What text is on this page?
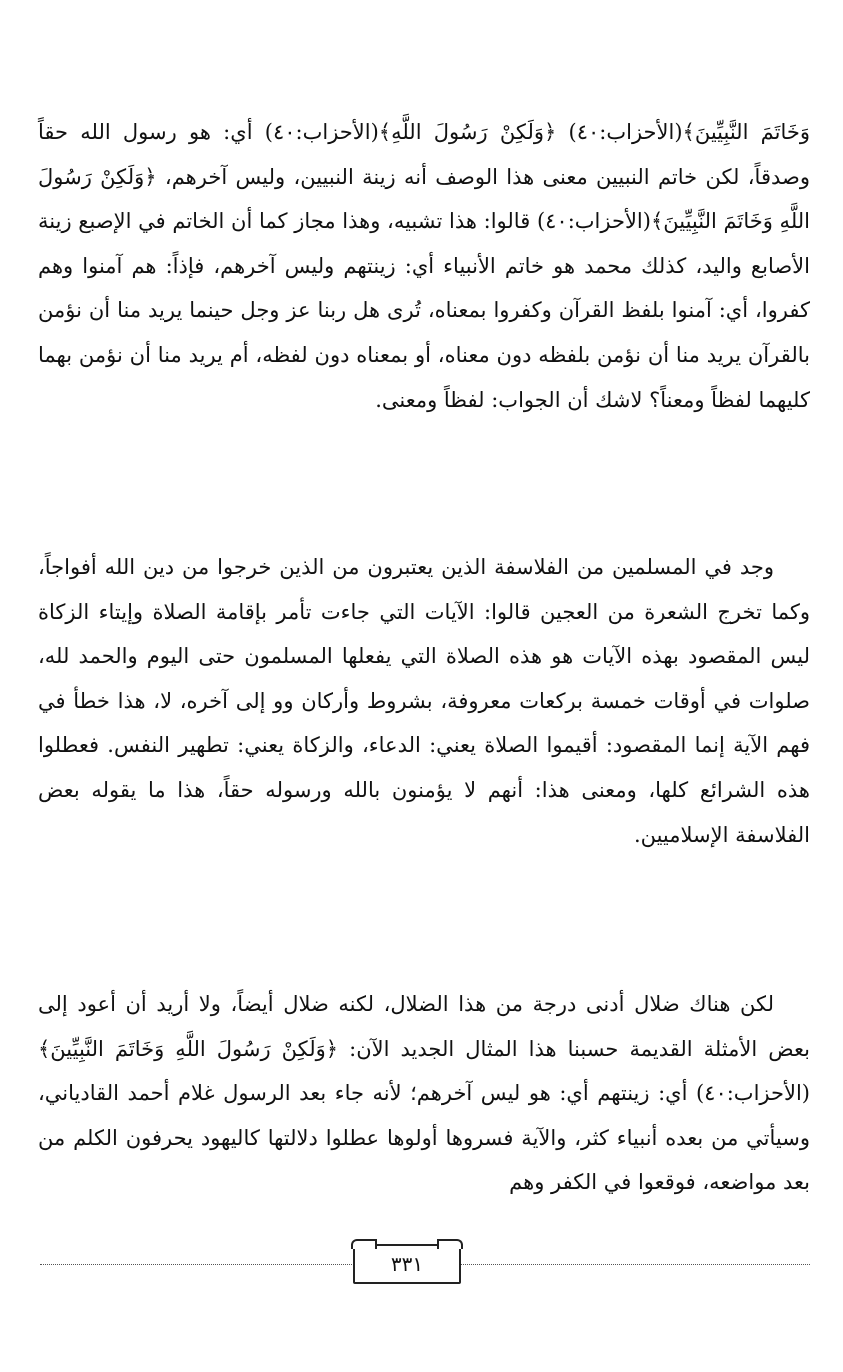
وَخَاتَمَ النَّبِيِّينَ﴾(الأحزاب:٤٠) ﴿وَلَكِنْ رَسُولَ اللَّهِ﴾(الأحزاب:٤٠) أي: هو رسول الله حقاً وصدقاً، لكن خاتم النبيين معنى هذا الوصف أنه زينة النبيين، وليس آخرهم، ﴿وَلَكِنْ رَسُولَ اللَّهِ وَخَاتَمَ النَّبِيِّينَ﴾(الأحزاب:٤٠) قالوا: هذا تشبيه، وهذا مجاز كما أن الخاتم في الإصبع زينة الأصابع واليد، كذلك محمد هو خاتم الأنبياء أي: زينتهم وليس آخرهم، فإذاً: هم آمنوا وهم كفروا، أي: آمنوا بلفظ القرآن وكفروا بمعناه، تُرى هل ربنا عز وجل حينما يريد منا أن نؤمن بالقرآن يريد منا أن نؤمن بلفظه دون معناه، أو بمعناه دون لفظه، أم يريد منا أن نؤمن بهما كليهما لفظاً ومعناً؟ لاشك أن الجواب: لفظاً ومعنى.

وجد في المسلمين من الفلاسفة الذين يعتبرون من الذين خرجوا من دين الله أفواجاً، وكما تخرج الشعرة من العجين قالوا: الآيات التي جاءت تأمر بإقامة الصلاة وإيتاء الزكاة ليس المقصود بهذه الآيات هو هذه الصلاة التي يفعلها المسلمون حتى اليوم والحمد لله، صلوات في أوقات خمسة بركعات معروفة، بشروط وأركان وو إلى آخره، لا، هذا خطأ في فهم الآية إنما المقصود: أقيموا الصلاة يعني: الدعاء، والزكاة يعني: تطهير النفس. فعطلوا هذه الشرائع كلها، ومعنى هذا: أنهم لا يؤمنون بالله ورسوله حقاً، هذا ما يقوله بعض الفلاسفة الإسلاميين.

لكن هناك ضلال أدنى درجة من هذا الضلال، لكنه ضلال أيضاً، ولا أريد أن أعود إلى بعض الأمثلة القديمة حسبنا هذا المثال الجديد الآن: ﴿وَلَكِنْ رَسُولَ اللَّهِ وَخَاتَمَ النَّبِيِّينَ﴾(الأحزاب:٤٠) أي: زينتهم أي: هو ليس آخرهم؛ لأنه جاء بعد الرسول غلام أحمد القادياني، وسيأتي من بعده أنبياء كثر، والآية فسروها أولوها عطلوا دلالتها كاليهود يحرفون الكلم من بعد مواضعه، فوقعوا في الكفر وهم

٣٣١
